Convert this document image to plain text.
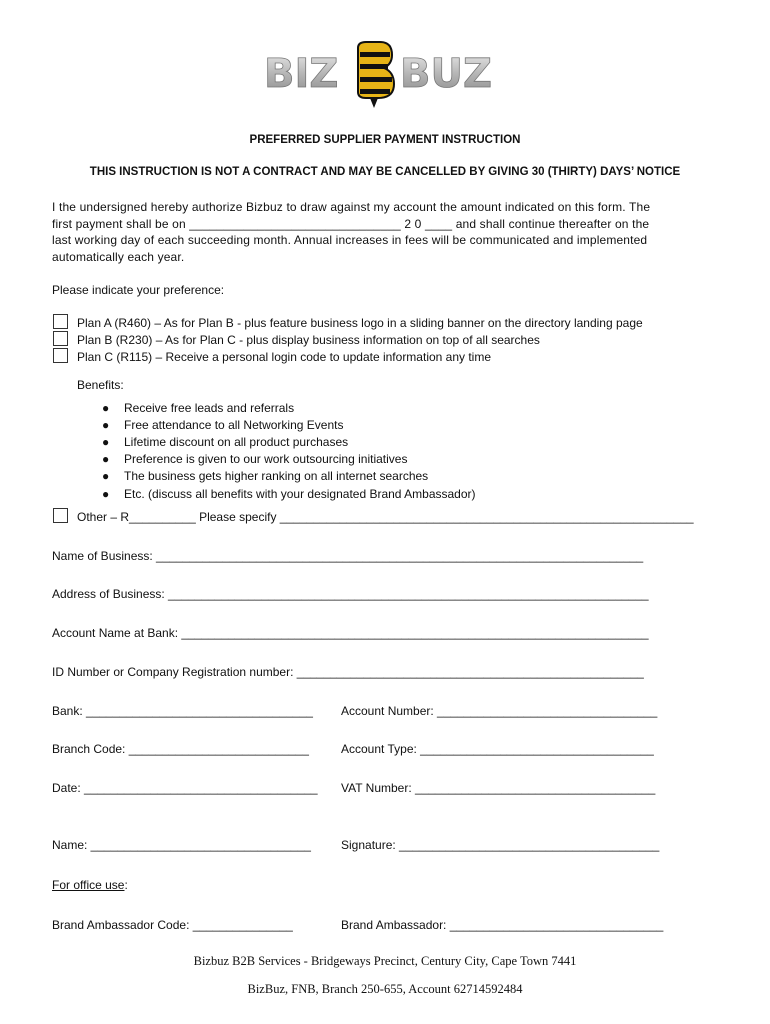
BIZ BUZ
PREFERRED SUPPLIER PAYMENT INSTRUCTION
THIS INSTRUCTION IS NOT A CONTRACT AND MAY BE CANCELLED BY GIVING 30 (THIRTY) DAYS’ NOTICE
I the undersigned hereby authorize Bizbuz to draw against my account the amount indicated on this form. The
first payment shall be on _______________________________ 2 0 ____ and shall continue thereafter on the
last working day of each succeeding month. Annual increases in fees will be communicated and implemented
automatically each year.
Please indicate your preference:
Plan A (R460) – As for Plan B - plus feature business logo in a sliding banner on the directory landing page
Plan B (R230) – As for Plan C - plus display business information on top of all searches
Plan C (R115) – Receive a personal login code to update information any time
Benefits:
● Receive free leads and referrals
● Free attendance to all Networking Events
● Lifetime discount on all product purchases
● Preference is given to our work outsourcing initiatives
● The business gets higher ranking on all internet searches
● Etc. (discuss all benefits with your designated Brand Ambassador)
Other – R__________ Please specify ______________________________________________________________
Name of Business: _________________________________________________________________________
Address of Business: ________________________________________________________________________
Account Name at Bank: ______________________________________________________________________
ID Number or Company Registration number: ____________________________________________________
Bank: __________________________________ Account Number: _________________________________
Branch Code: ___________________________	Account Type: ___________________________________
Date: ___________________________________ VAT Number: ____________________________________
Name: _________________________________	Signature: _______________________________________
For office use:
Brand Ambassador Code: _______________	Brand Ambassador: ________________________________
Bizbuz B2B Services - Bridgeways Precinct, Century City, Cape Town 7441
BizBuz, FNB, Branch 250-655, Account 62714592484
